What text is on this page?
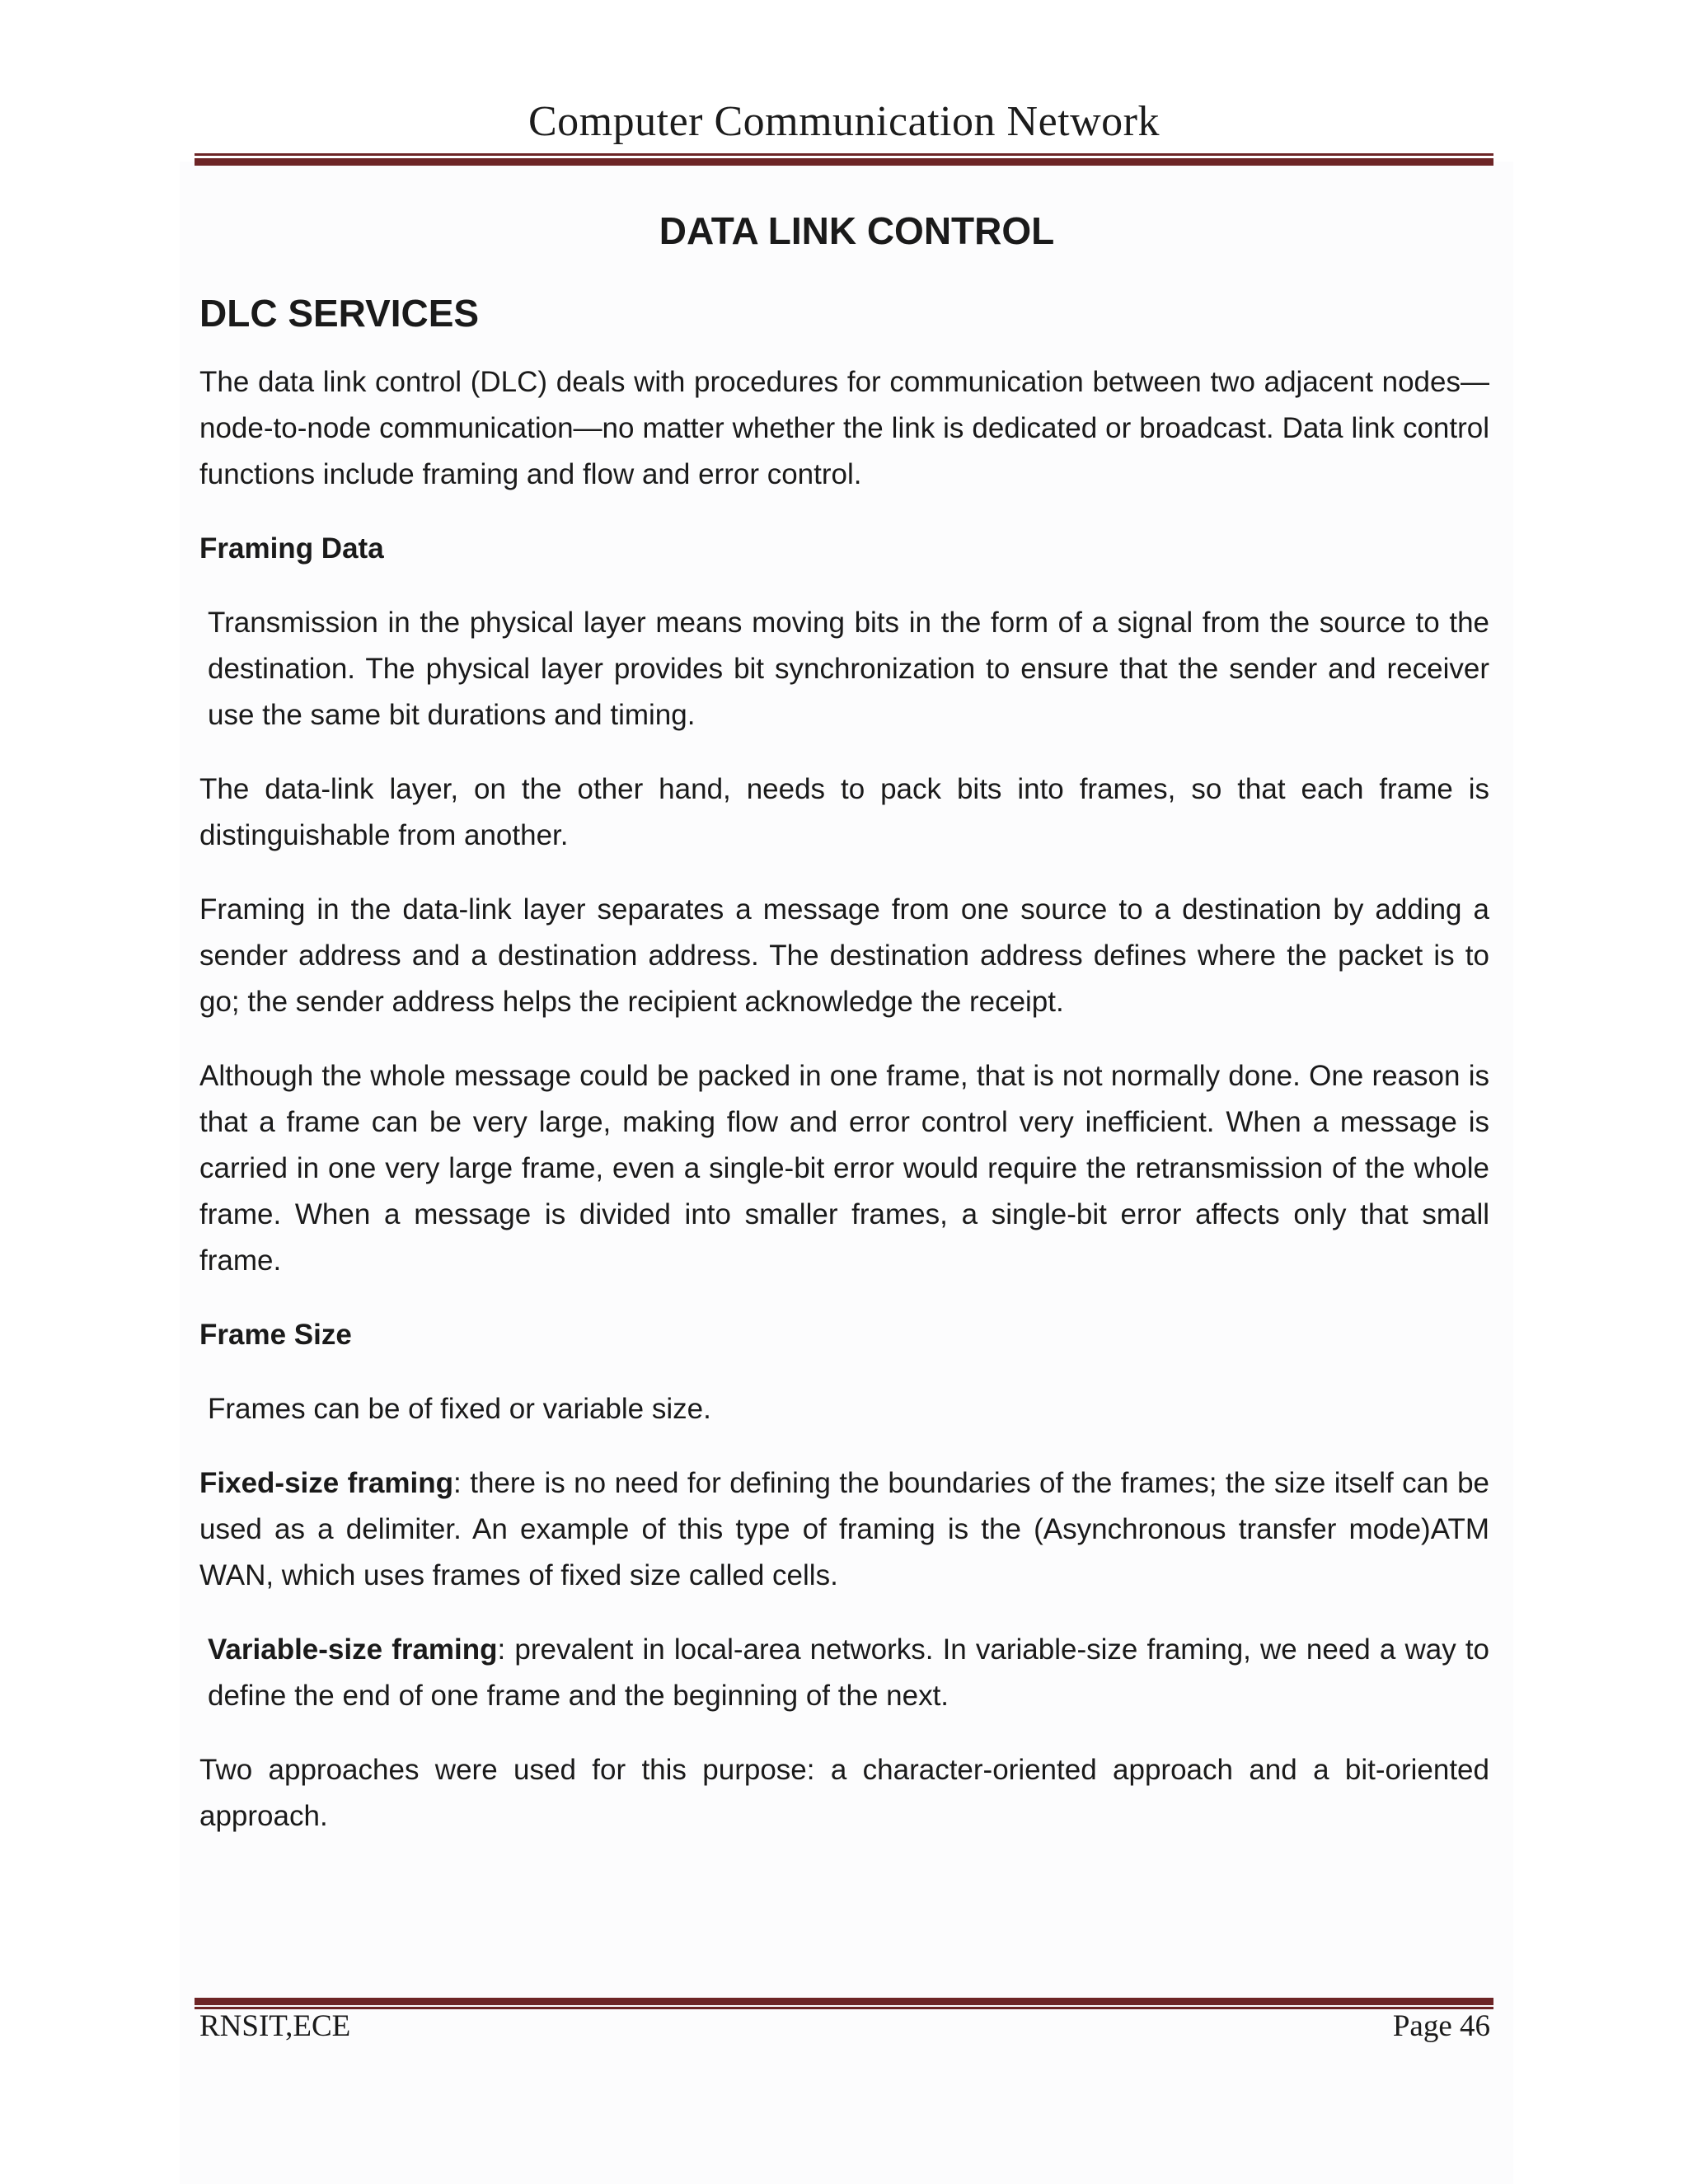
Computer Communication Network
DATA LINK CONTROL
DLC SERVICES

The data link control (DLC) deals with procedures for communication between two adjacent nodes—node-to-node communication—no matter whether the link is dedicated or broadcast. Data link control functions include framing and flow and error control.

Framing Data

Transmission in the physical layer means moving bits in the form of a signal from the source to the destination. The physical layer provides bit synchronization to ensure that the sender and receiver use the same bit durations and timing.

The data-link layer, on the other hand, needs to pack bits into frames, so that each frame is distinguishable from another.

Framing in the data-link layer separates a message from one source to a destination by adding a sender address and a destination address. The destination address defines where the packet is to go; the sender address helps the recipient acknowledge the receipt.

Although the whole message could be packed in one frame, that is not normally done. One reason is that a frame can be very large, making flow and error control very inefficient. When a message is carried in one very large frame, even a single-bit error would require the retransmission of the whole frame. When a message is divided into smaller frames, a single-bit error affects only that small frame.

Frame Size

Frames can be of fixed or variable size.

Fixed-size framing: there is no need for defining the boundaries of the frames; the size itself can be used as a delimiter. An example of this type of framing is the (Asynchronous transfer mode)ATM WAN, which uses frames of fixed size called cells.

Variable-size framing: prevalent in local-area networks. In variable-size framing, we need a way to define the end of one frame and the beginning of the next.

Two approaches were used for this purpose: a character-oriented approach and a bit-oriented approach.

RNSIT,ECE	Page 46
